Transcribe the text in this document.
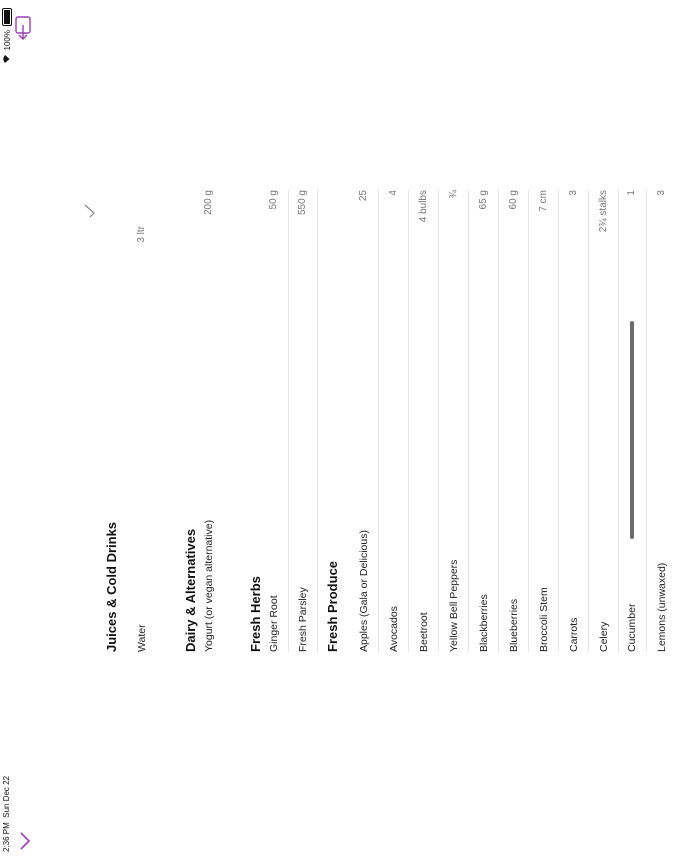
2:36 PM  Sun Dec 22
100%
Juices & Cold Drinks Water
3 ltr
Dairy & Alternatives Yogurt (or vegan alternative)
200 g
Fresh Herbs Ginger Root
50 g
Fresh Parsley
550 g
Fresh Produce Apples (Gala or Delicious)
25
Avocados
4
Beetroot
4 bulbs
Yellow Bell Peppers
¾
Blackberries
65 g
Blueberries
60 g
Broccoli Stem
7 cm
Carrots
3
Celery
2¾ stalks
Cucumber
1
Lemons (unwaxed)
3
